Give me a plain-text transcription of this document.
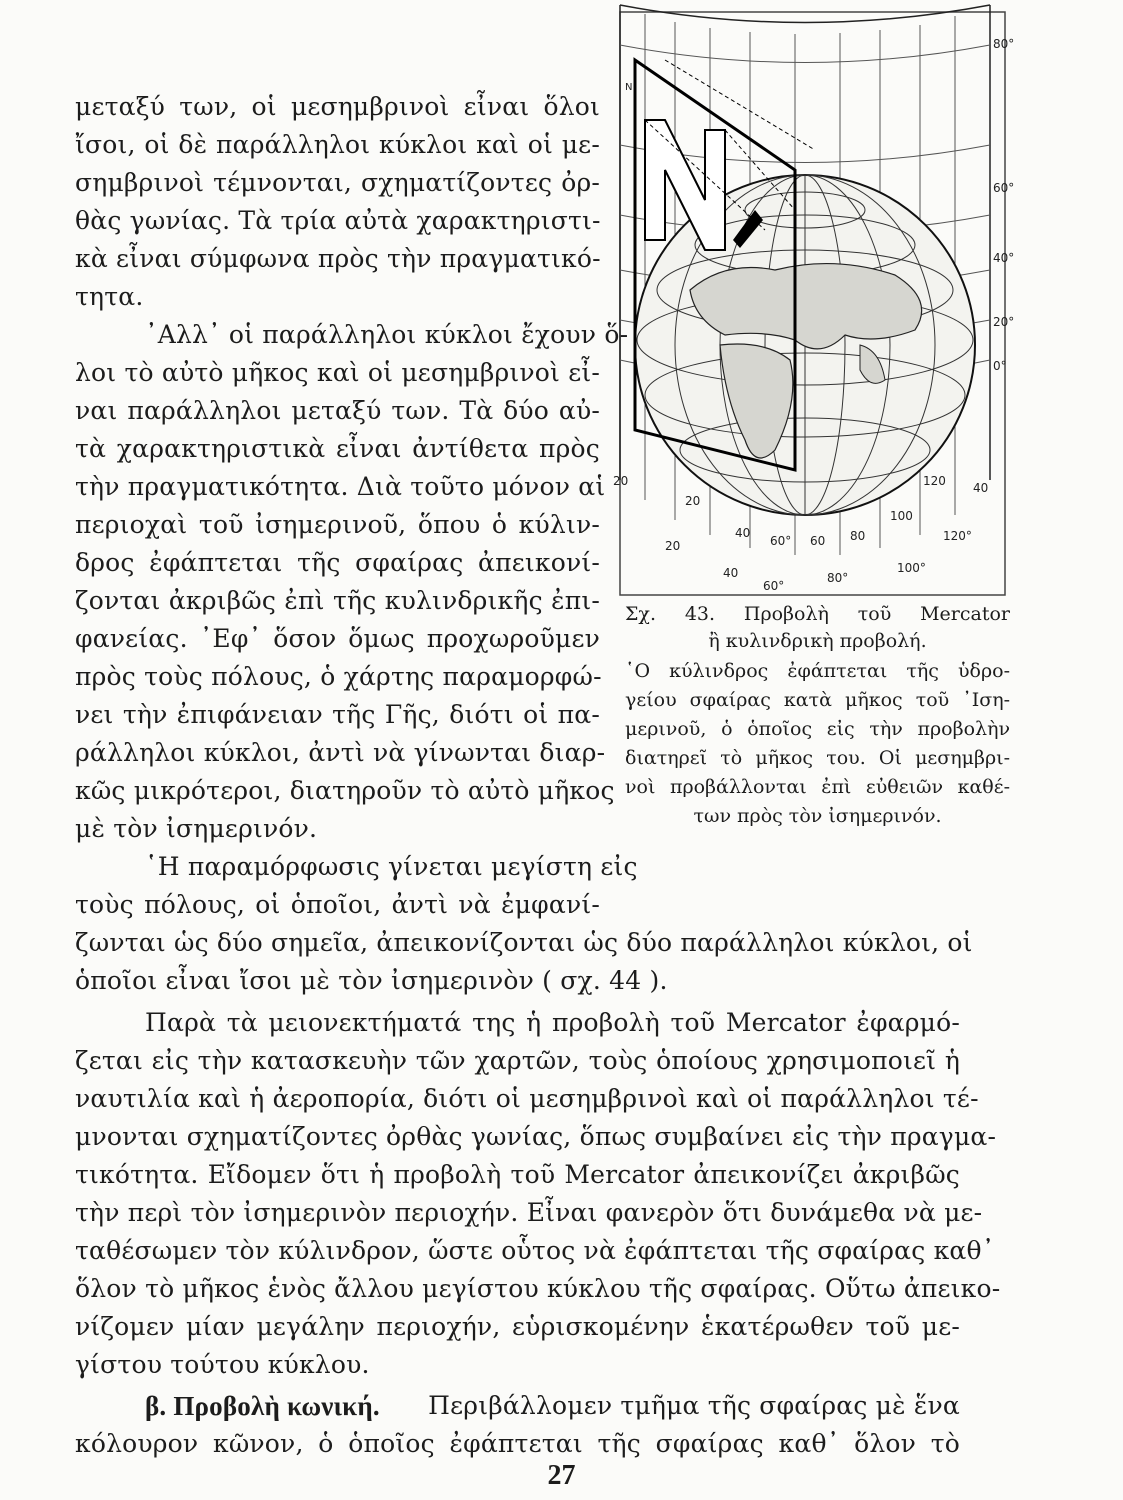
μεταξύ των, οἱ μεσημβρινοὶ εἶναι ὅλοι
ἴσοι, οἱ δὲ παράλληλοι κύκλοι καὶ οἱ με-
σημβρινοὶ τέμνονται, σχηματίζοντες ὀρ-
θὰς γωνίας. Τὰ τρία αὐτὰ χαρακτηριστι-
κὰ εἶναι σύμφωνα πρὸς τὴν πραγματικό-
τητα.
᾿Αλλ᾿ οἱ παράλληλοι κύκλοι ἔχουν ὅ-
λοι τὸ αὐτὸ μῆκος καὶ οἱ μεσημβρινοὶ εἶ-
ναι παράλληλοι μεταξύ των. Τὰ δύο αὐ-
τὰ χαρακτηριστικὰ εἶναι ἀντίθετα πρὸς
τὴν πραγματικότητα. Διὰ τοῦτο μόνον αἱ
περιοχαὶ τοῦ ἰσημερινοῦ, ὅπου ὁ κύλιν-
δρος ἐφάπτεται τῆς σφαίρας ἀπεικονί-
ζονται ἀκριβῶς ἐπὶ τῆς κυλινδρικῆς ἐπι-
φανείας. ᾿Εφ᾿ ὅσον ὅμως προχωροῦμεν
πρὸς τοὺς πόλους, ὁ χάρτης παραμορφώ-
νει τὴν ἐπιφάνειαν τῆς Γῆς, διότι οἱ πα-
ράλληλοι κύκλοι, ἀντὶ νὰ γίνωνται διαρ-
κῶς μικρότεροι, διατηροῦν τὸ αὐτὸ μῆκος
μὲ τὸν ἰσημερινόν.
῾Η παραμόρφωσις γίνεται μεγίστη εἰς
τοὺς πόλους, οἱ ὁποῖοι, ἀντὶ νὰ ἐμφανί-
ζωνται ὡς δύο σημεῖα, ἀπεικονίζονται ὡς δύο παράλληλοι κύκλοι, οἱ
ὁποῖοι εἶναι ἴσοι μὲ τὸν ἰσημερινὸν ( σχ. 44 ).
Παρὰ τὰ μειονεκτήματά της ἡ προβολὴ τοῦ Mercator ἐφαρμό-
ζεται εἰς τὴν κατασκευὴν τῶν χαρτῶν, τοὺς ὁποίους χρησιμοποιεῖ ἡ
ναυτιλία καὶ ἡ ἀεροπορία, διότι οἱ μεσημβρινοὶ καὶ οἱ παράλληλοι τέ-
μνονται σχηματίζοντες ὀρθὰς γωνίας, ὅπως συμβαίνει εἰς τὴν πραγμα-
τικότητα. Εἴδομεν ὅτι ἡ προβολὴ τοῦ Mercator ἀπεικονίζει ἀκριβῶς
τὴν περὶ τὸν ἰσημερινὸν περιοχήν. Εἶναι φανερὸν ὅτι δυνάμεθα νὰ με-
ταθέσωμεν τὸν κύλινδρον, ὥστε οὗτος νὰ ἐφάπτεται τῆς σφαίρας καθ᾿
ὅλον τὸ μῆκος ἑνὸς ἄλλου μεγίστου κύκλου τῆς σφαίρας. Οὕτω ἀπεικο-
νίζομεν μίαν μεγάλην περιοχήν, εὑρισκομένην ἑκατέρωθεν τοῦ με-
γίστου τούτου κύκλου.
β. Προβολὴ κωνική. Περιβάλλομεν τμῆμα τῆς σφαίρας μὲ ἕνα
κόλουρον κῶνον, ὁ ὁποῖος ἐφάπτεται τῆς σφαίρας καθ᾿ ὅλον τὸ
27
Σχ. 43. Προβολὴ τοῦ Mercator
ἢ κυλινδρικὴ προβολή.
῾Ο κύλινδρος ἐφάπτεται τῆς ὑδρο-
γείου σφαίρας κατὰ μῆκος τοῦ ᾿Ιση-
μερινοῦ, ὁ ὁποῖος εἰς τὴν προβολὴν
διατηρεῖ τὸ μῆκος του. Οἱ μεσημβρι-
νοὶ προβάλλονται ἐπὶ εὐθειῶν καθέ-
των πρὸς τὸν ἰσημερινόν.
80°
60°
40°
20°
0°
20
20
20
40
40
60° 60
60°
80
80°
100
100°
120
120°
40
N
